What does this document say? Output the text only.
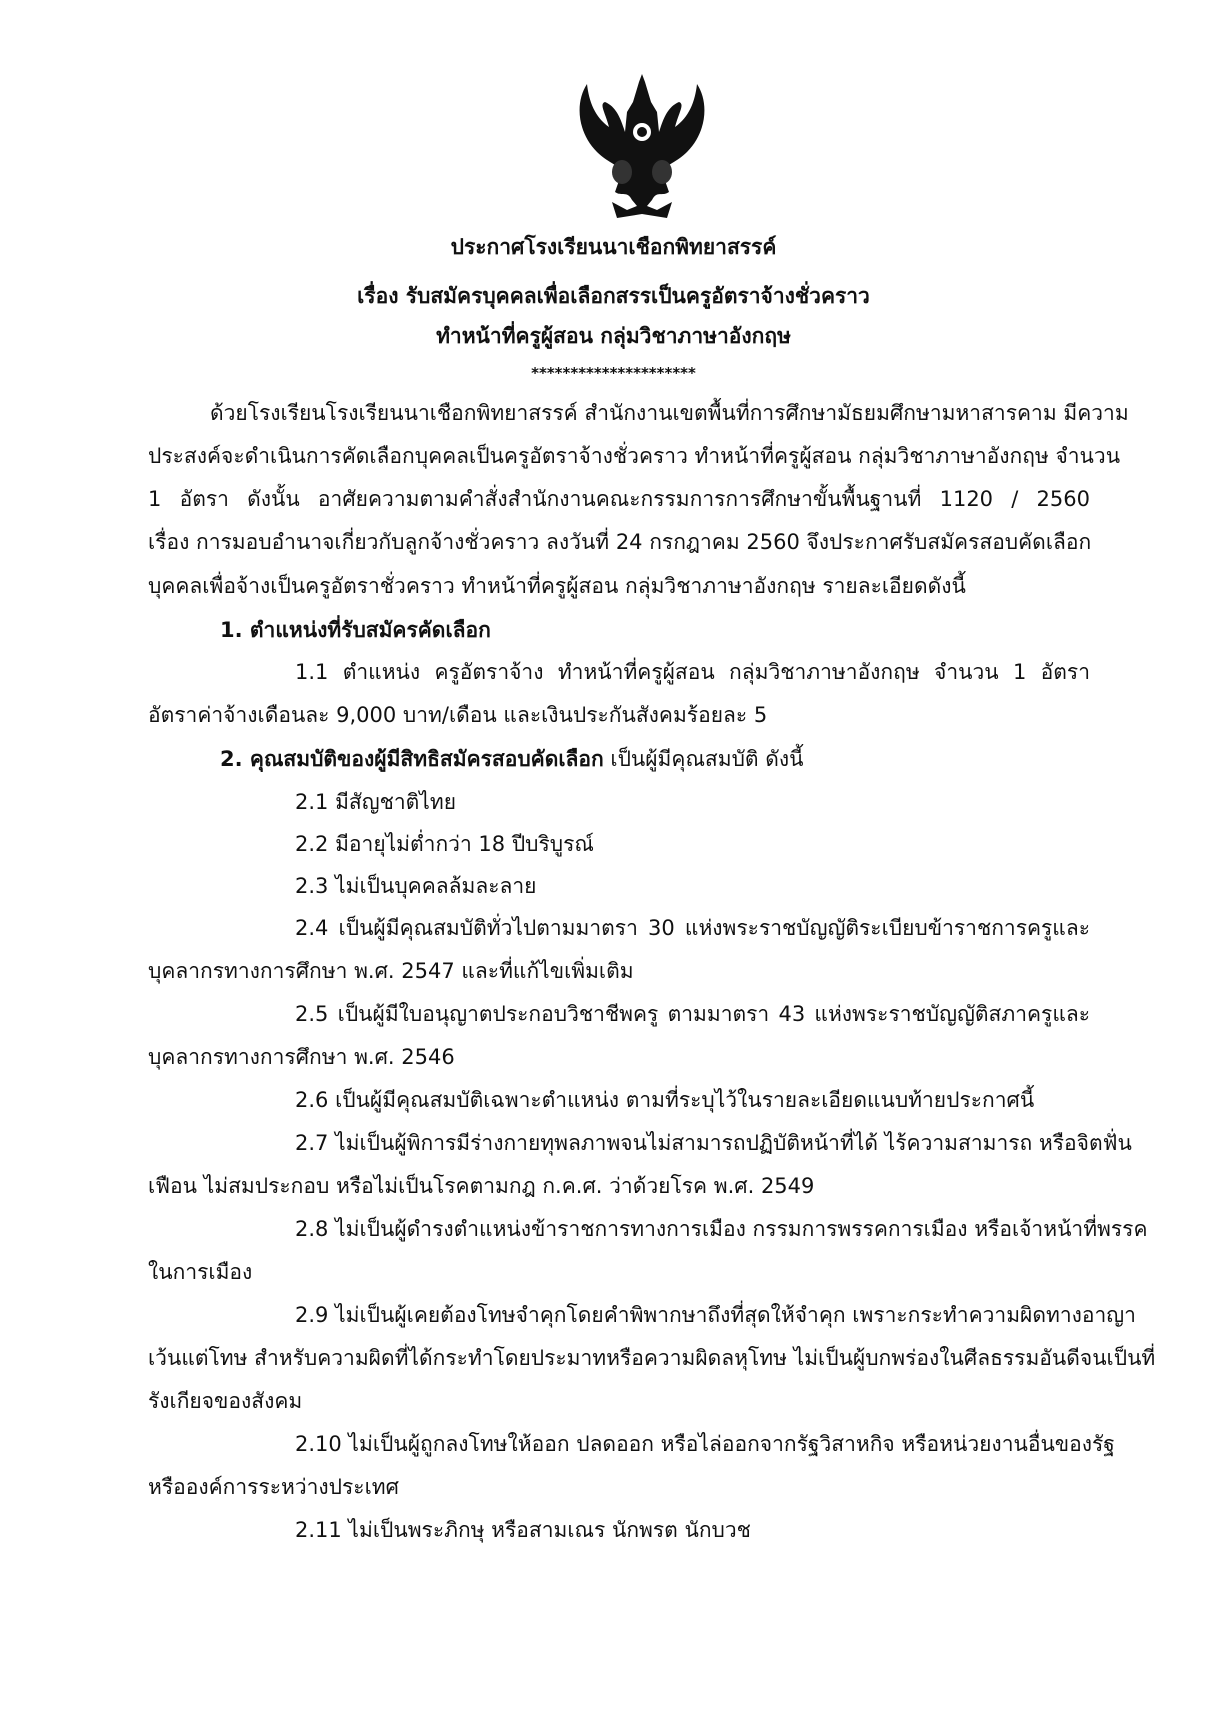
ประกาศโรงเรียนนาเชือกพิทยาสรรค์
เรื่อง รับสมัครบุคคลเพื่อเลือกสรรเป็นครูอัตราจ้างชั่วคราว
ทำหน้าที่ครูผู้สอน กลุ่มวิชาภาษาอังกฤษ
*********************
ด้วยโรงเรียนโรงเรียนนาเชือกพิทยาสรรค์ สำนักงานเขตพื้นที่การศึกษามัธยมศึกษามหาสารคาม มีความ
ประสงค์จะดำเนินการคัดเลือกบุคคลเป็นครูอัตราจ้างชั่วคราว ทำหน้าที่ครูผู้สอน กลุ่มวิชาภาษาอังกฤษ จำนวน
1 อัตรา ดังนั้น อาศัยความตามคำสั่งสำนักงานคณะกรรมการการศึกษาขั้นพื้นฐานที่ 1120 / 2560
เรื่อง การมอบอำนาจเกี่ยวกับลูกจ้างชั่วคราว ลงวันที่ 24 กรกฎาคม 2560 จึงประกาศรับสมัครสอบคัดเลือก
บุคคลเพื่อจ้างเป็นครูอัตราชั่วคราว ทำหน้าที่ครูผู้สอน กลุ่มวิชาภาษาอังกฤษ รายละเอียดดังนี้
1. ตำแหน่งที่รับสมัครคัดเลือก
1.1 ตำแหน่ง ครูอัตราจ้าง ทำหน้าที่ครูผู้สอน กลุ่มวิชาภาษาอังกฤษ จำนวน 1 อัตรา
อัตราค่าจ้างเดือนละ 9,000 บาท/เดือน และเงินประกันสังคมร้อยละ 5
2. คุณสมบัติของผู้มีสิทธิสมัครสอบคัดเลือก เป็นผู้มีคุณสมบัติ ดังนี้
2.1 มีสัญชาติไทย
2.2 มีอายุไม่ต่ำกว่า 18 ปีบริบูรณ์
2.3 ไม่เป็นบุคคลล้มละลาย
2.4 เป็นผู้มีคุณสมบัติทั่วไปตามมาตรา 30 แห่งพระราชบัญญัติระเบียบข้าราชการครูและ
บุคลากรทางการศึกษา พ.ศ. 2547 และที่แก้ไขเพิ่มเติม
2.5 เป็นผู้มีใบอนุญาตประกอบวิชาชีพครู ตามมาตรา 43 แห่งพระราชบัญญัติสภาครูและ
บุคลากรทางการศึกษา พ.ศ. 2546
2.6 เป็นผู้มีคุณสมบัติเฉพาะตำแหน่ง ตามที่ระบุไว้ในรายละเอียดแนบท้ายประกาศนี้
2.7 ไม่เป็นผู้พิการมีร่างกายทุพลภาพจนไม่สามารถปฏิบัติหน้าที่ได้ ไร้ความสามารถ หรือจิตฟั่น
เฟือน ไม่สมประกอบ หรือไม่เป็นโรคตามกฎ ก.ค.ศ. ว่าด้วยโรค พ.ศ. 2549
2.8 ไม่เป็นผู้ดำรงตำแหน่งข้าราชการทางการเมือง กรรมการพรรคการเมือง หรือเจ้าหน้าที่พรรค
ในการเมือง
2.9 ไม่เป็นผู้เคยต้องโทษจำคุกโดยคำพิพากษาถึงที่สุดให้จำคุก เพราะกระทำความผิดทางอาญา
เว้นแต่โทษ สำหรับความผิดที่ได้กระทำโดยประมาทหรือความผิดลหุโทษ ไม่เป็นผู้บกพร่องในศีลธรรมอันดีจนเป็นที่
รังเกียจของสังคม
2.10 ไม่เป็นผู้ถูกลงโทษให้ออก ปลดออก หรือไล่ออกจากรัฐวิสาหกิจ หรือหน่วยงานอื่นของรัฐ
หรือองค์การระหว่างประเทศ
2.11 ไม่เป็นพระภิกษุ หรือสามเณร นักพรต นักบวช
